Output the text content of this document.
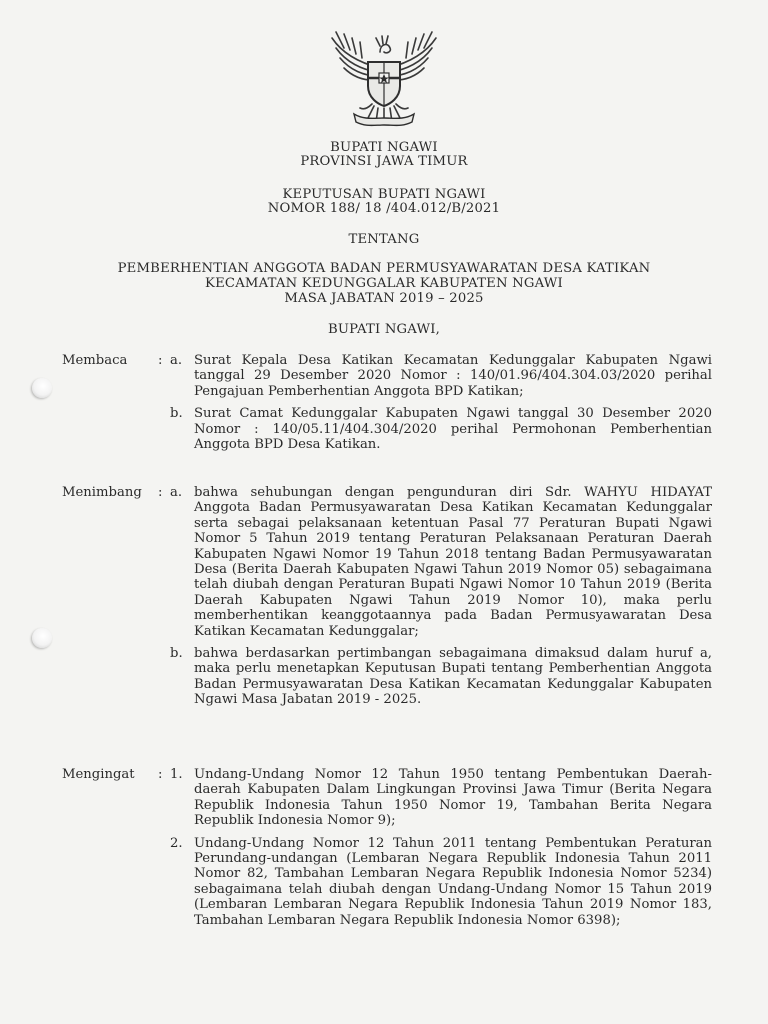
BUPATI NGAWI
PROVINSI JAWA TIMUR
KEPUTUSAN BUPATI NGAWI
NOMOR 188/ 18 /404.012/B/2021
TENTANG
PEMBERHENTIAN ANGGOTA BADAN PERMUSYAWARATAN DESA KATIKAN
KECAMATAN KEDUNGGALAR KABUPATEN NGAWI
MASA JABATAN 2019 – 2025
BUPATI NGAWI,
Membaca : a. Surat Kepala Desa Katikan Kecamatan Kedunggalar Kabupaten Ngawi tanggal 29 Desember 2020 Nomor : 140/01.96/404.304.03/2020 perihal Pengajuan Pemberhentian Anggota BPD Katikan;
b. Surat Camat Kedunggalar Kabupaten Ngawi tanggal 30 Desember 2020 Nomor : 140/05.11/404.304/2020 perihal Permohonan Pemberhentian Anggota BPD Desa Katikan.
Menimbang : a. bahwa sehubungan dengan pengunduran diri Sdr. WAHYU HIDAYAT Anggota Badan Permusyawaratan Desa Katikan Kecamatan Kedunggalar serta sebagai pelaksanaan ketentuan Pasal 77 Peraturan Bupati Ngawi Nomor 5 Tahun 2019 tentang Peraturan Pelaksanaan Peraturan Daerah Kabupaten Ngawi Nomor 19 Tahun 2018 tentang Badan Permusyawaratan Desa (Berita Daerah Kabupaten Ngawi Tahun 2019 Nomor 05) sebagaimana telah diubah dengan Peraturan Bupati Ngawi Nomor 10 Tahun 2019 (Berita Daerah Kabupaten Ngawi Tahun 2019 Nomor 10), maka perlu memberhentikan keanggotaannya pada Badan Permusyawaratan Desa Katikan Kecamatan Kedunggalar;
b. bahwa berdasarkan pertimbangan sebagaimana dimaksud dalam huruf a, maka perlu menetapkan Keputusan Bupati tentang Pemberhentian Anggota Badan Permusyawaratan Desa Katikan Kecamatan Kedunggalar Kabupaten Ngawi Masa Jabatan 2019 - 2025.
Mengingat : 1. Undang-Undang Nomor 12 Tahun 1950 tentang Pembentukan Daerah-daerah Kabupaten Dalam Lingkungan Provinsi Jawa Timur (Berita Negara Republik Indonesia Tahun 1950 Nomor 19, Tambahan Berita Negara Republik Indonesia Nomor 9);
2. Undang-Undang Nomor 12 Tahun 2011 tentang Pembentukan Peraturan Perundang-undangan (Lembaran Negara Republik Indonesia Tahun 2011 Nomor 82, Tambahan Lembaran Negara Republik Indonesia Nomor 5234) sebagaimana telah diubah dengan Undang-Undang Nomor 15 Tahun 2019 (Lembaran Lembaran Negara Republik Indonesia Tahun 2019 Nomor 183, Tambahan Lembaran Negara Republik Indonesia Nomor 6398);
